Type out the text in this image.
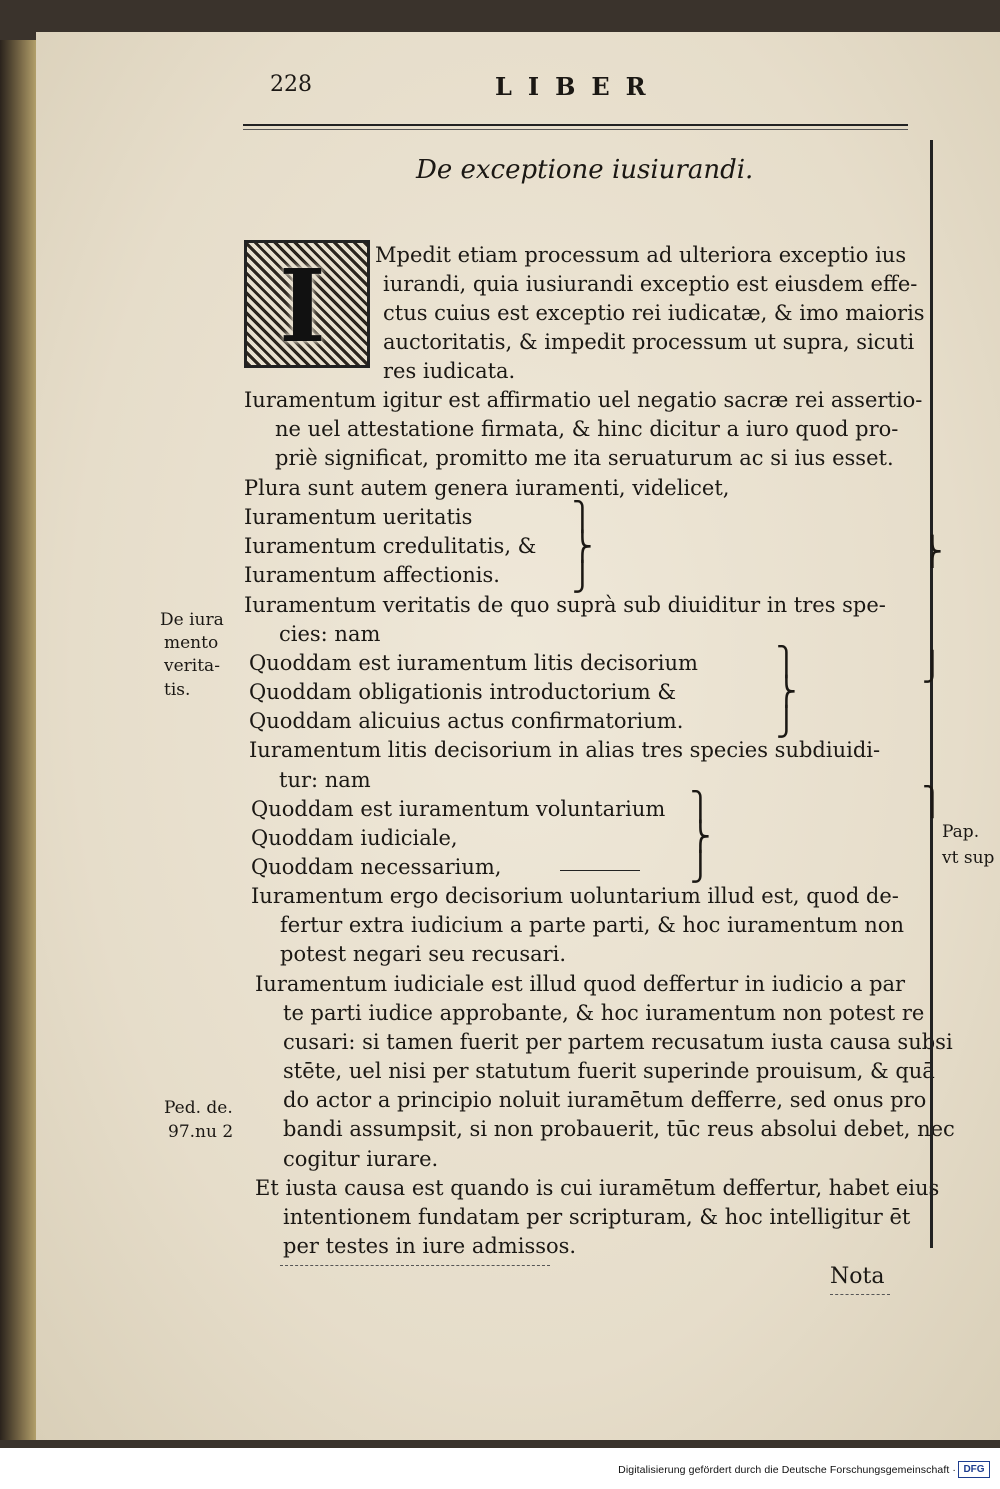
228	LIBER
De exceptione iusiurandi.
I Mpedit etiam processum ad ulteriora exceptio ius
iurandi, quia iusiurandi exceptio est eiusdem effe-
ctus cuius est exceptio rei iudicatæ, & imo maioris
auctoritatis, & impedit processum ut supra, sicuti
res iudicata.
Iuramentum igitur est affirmatio uel negatio sacræ rei assertio-
ne uel attestatione firmata, & hinc dicitur a iuro quod pro-
priè significat, promitto me ita seruaturum ac si ius esset.
Plura sunt autem genera iuramenti, videlicet,
Iuramentum ueritatis
Iuramentum credulitatis, &
Iuramentum affectionis.
Iuramentum veritatis de quo suprà sub diuiditur in tres spe-
cies: nam
Quoddam est iuramentum litis decisorium
Quoddam obligationis introductorium &
Quoddam alicuius actus confirmatorium.
Iuramentum litis decisorium in alias tres species subdiuidi-
tur: nam
Quoddam est iuramentum voluntarium
Quoddam iudiciale,
Quoddam necessarium,
Iuramentum ergo decisorium uoluntarium illud est, quod de-
fertur extra iudicium a parte parti, & hoc iuramentum non
potest negari seu recusari.
Iuramentum iudiciale est illud quod deffertur in iudicio a par
te parti iudice approbante, & hoc iuramentum non potest re
cusari: si tamen fuerit per partem recusatum iusta causa subsi
stēte, uel nisi per statutum fuerit superinde prouisum, & quā
do actor a principio noluit iuramētum defferre, sed onus pro
bandi assumpsit, si non probauerit, tūc reus absolui debet, nec
cogitur iurare.
Et iusta causa est quando is cui iuramētum deffertur, habet eius
intentionem fundatam per scripturam, & hoc intelligitur ēt
per testes in iure admissos.
De iura
mento
verita-
tis.
Ped. de.
97.nu 2
Pap.
vt sup
⎫
⎬
⎭
⎫
⎬
⎭
⎫
⎬
⎭
⎬
⎭
⎫
Nota
Digitalisierung gefördert durch die Deutsche Forschungsgemeinschaft · DFG
